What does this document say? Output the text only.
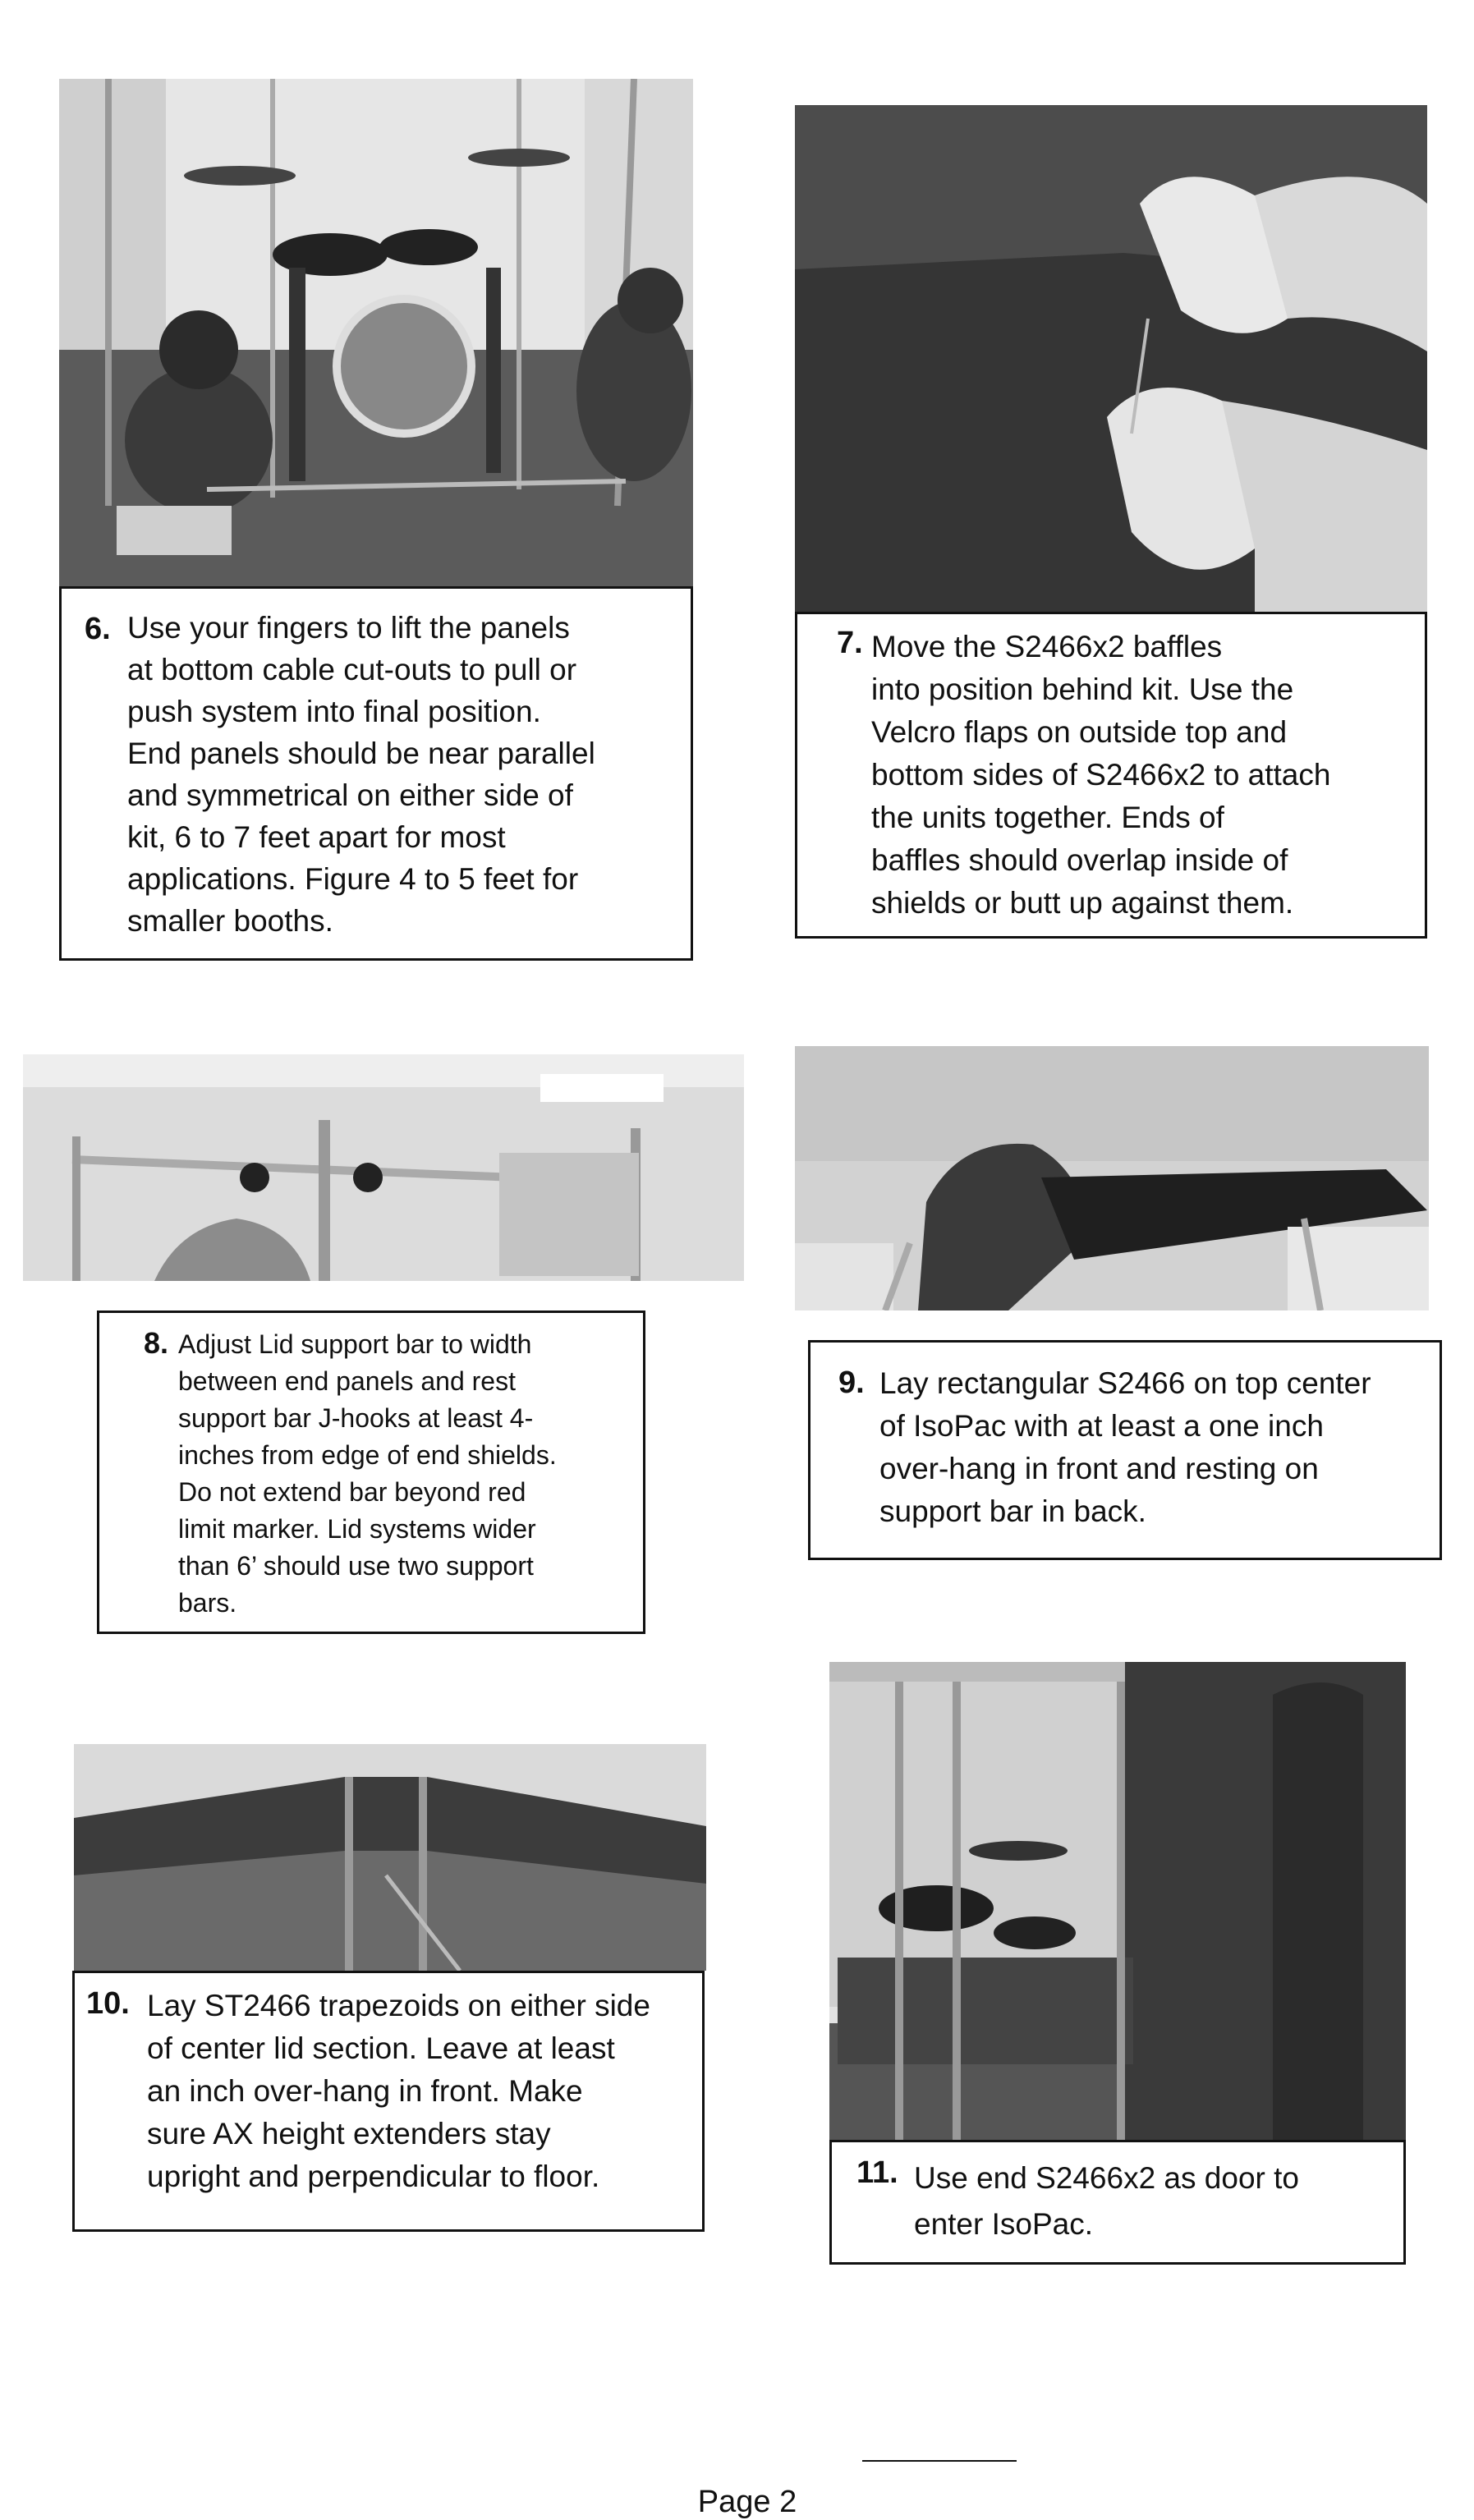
6. Use your fingers to lift the panels
at bottom cable cut-outs to pull or
push system into final position.
End panels should be near parallel
and symmetrical on either side of
kit, 6 to 7 feet apart for most
applications. Figure 4 to 5 feet for
smaller booths.
7. Move the S2466x2 baffles
into position behind kit. Use the
Velcro flaps on outside top and
bottom sides of S2466x2 to attach
the units together. Ends of
baffles should overlap inside of
shields or butt up against them.
8. Adjust Lid support bar to width
between end panels and rest
support bar J-hooks at least 4-
inches from edge of end shields.
Do not extend bar beyond red
limit marker. Lid systems wider
than 6’ should use two support
bars.
9. Lay rectangular S2466 on top center
of IsoPac with at least a one inch
over-hang in front and resting on
support bar in back.
10. Lay ST2466 trapezoids on either side
of center lid section. Leave at least
an inch over-hang in front. Make
sure AX height extenders stay
upright and perpendicular to floor.	11. Use end S2466x2 as door to
enter IsoPac.
Page 2
